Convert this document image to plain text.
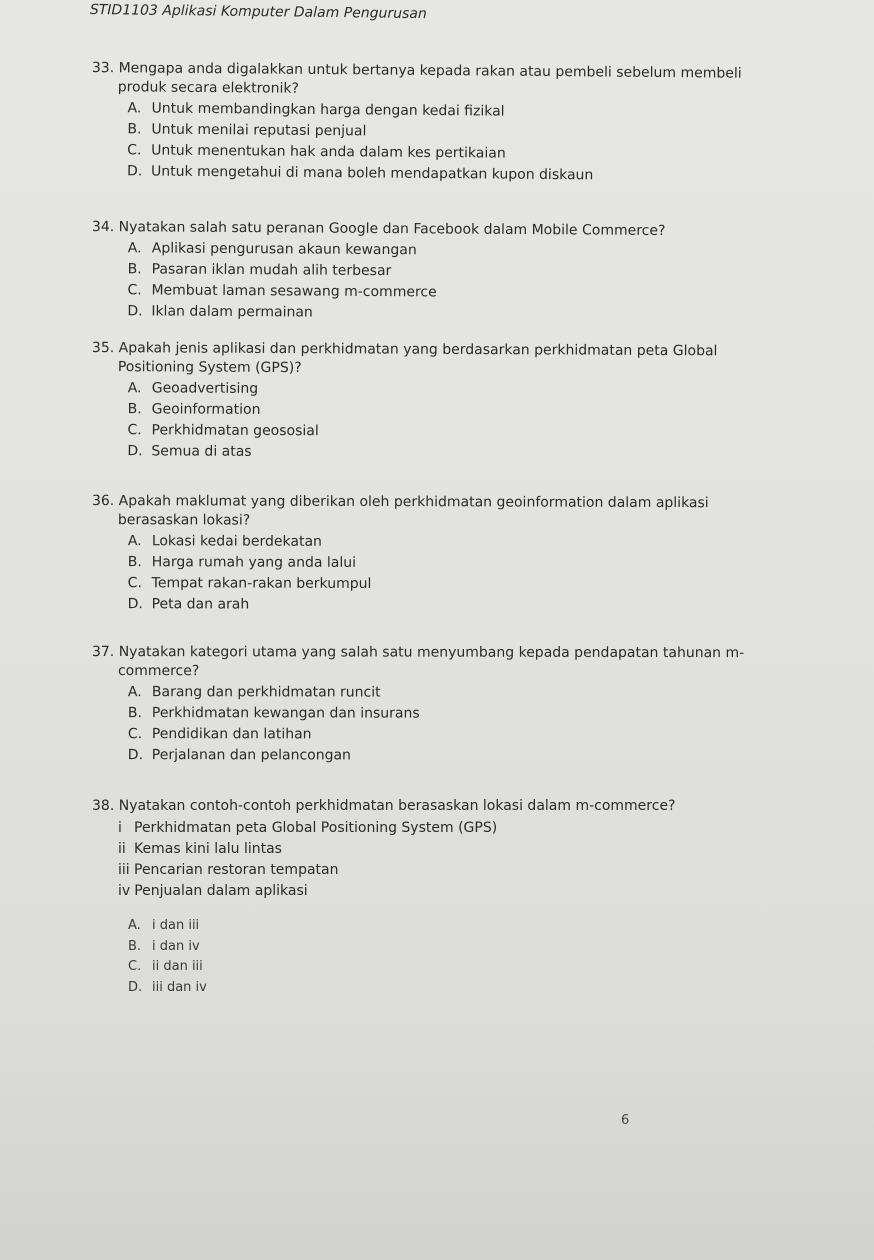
STID1103 Aplikasi Komputer Dalam Pengurusan
33. Mengapa anda digalakkan untuk bertanya kepada rakan atau pembeli sebelum membeli
produk secara elektronik?
A. Untuk membandingkan harga dengan kedai fizikal
B. Untuk menilai reputasi penjual
C. Untuk menentukan hak anda dalam kes pertikaian
D. Untuk mengetahui di mana boleh mendapatkan kupon diskaun
34. Nyatakan salah satu peranan Google dan Facebook dalam Mobile Commerce?
A. Aplikasi pengurusan akaun kewangan
B. Pasaran iklan mudah alih terbesar
C. Membuat laman sesawang m-commerce
D. Iklan dalam permainan
35. Apakah jenis aplikasi dan perkhidmatan yang berdasarkan perkhidmatan peta Global
Positioning System (GPS)?
A. Geoadvertising
B. Geoinformation
C. Perkhidmatan geososial
D. Semua di atas
36. Apakah maklumat yang diberikan oleh perkhidmatan geoinformation dalam aplikasi
berasaskan lokasi?
A. Lokasi kedai berdekatan
B. Harga rumah yang anda lalui
C. Tempat rakan-rakan berkumpul
D. Peta dan arah
37. Nyatakan kategori utama yang salah satu menyumbang kepada pendapatan tahunan m-
commerce?
A. Barang dan perkhidmatan runcit
B. Perkhidmatan kewangan dan insurans
C. Pendidikan dan latihan
D. Perjalanan dan pelancongan
38. Nyatakan contoh-contoh perkhidmatan berasaskan lokasi dalam m-commerce?
i Perkhidmatan peta Global Positioning System (GPS)
ii Kemas kini lalu lintas
iii Pencarian restoran tempatan
iv Penjualan dalam aplikasi
A. i dan iii
B. i dan iv
C. ii dan iii
D. iii dan iv
6
